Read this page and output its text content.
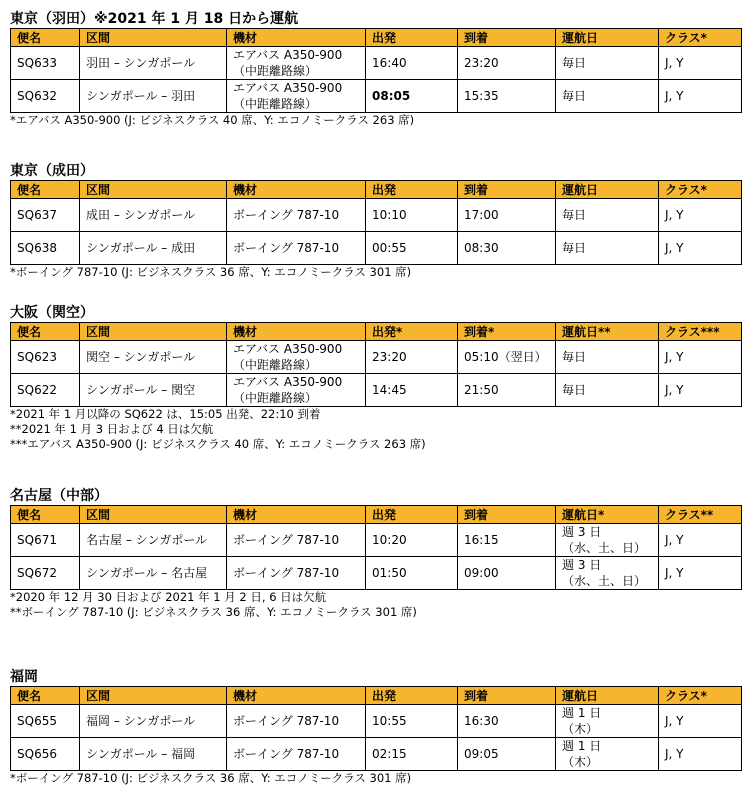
東京（羽田）※2021 年 1 月 18 日から運航
便名	区間	機材	出発	到着	運航日	クラス*
SQ633	羽田 – シンガポール	エアバス A350-900
（中距離路線）	16:40	23:20	毎日	J, Y
SQ632	シンガポール – 羽田	エアバス A350-900
（中距離路線）	08:05	15:35	毎日	J, Y
*エアバス A350-900 (J: ビジネスクラス 40 席、Y: エコノミークラス 263 席)
東京（成田）
便名	区間	機材	出発	到着	運航日	クラス*
SQ637	成田 – シンガポール	ボーイング 787-10	10:10	17:00	毎日	J, Y
SQ638	シンガポール – 成田	ボーイング 787-10	00:55	08:30	毎日	J, Y
*ボーイング 787-10 (J: ビジネスクラス 36 席、Y: エコノミークラス 301 席)
大阪（関空）
便名	区間	機材	出発*	到着*	運航日**	クラス***
SQ623	関空 – シンガポール	エアバス A350-900
（中距離路線）	23:20	05:10（翌日）	毎日	J, Y
SQ622	シンガポール – 関空	エアバス A350-900
（中距離路線）	14:45	21:50	毎日	J, Y
*2021 年 1 月以降の SQ622 は、15:05 出発、22:10 到着
**2021 年 1 月 3 日および 4 日は欠航
***エアバス A350-900 (J: ビジネスクラス 40 席、Y: エコノミークラス 263 席)
名古屋（中部）
便名	区間	機材	出発	到着	運航日*	クラス**
SQ671	名古屋 – シンガポール	ボーイング 787-10	10:20	16:15	週 3 日
（水、土、日）	J, Y
SQ672	シンガポール – 名古屋	ボーイング 787-10	01:50	09:00	週 3 日
（水、土、日）	J, Y
*2020 年 12 月 30 日および 2021 年 1 月 2 日, 6 日は欠航
**ボーイング 787-10 (J: ビジネスクラス 36 席、Y: エコノミークラス 301 席)
福岡
便名	区間	機材	出発	到着	運航日	クラス*
SQ655	福岡 – シンガポール	ボーイング 787-10	10:55	16:30	週 1 日
（木）	J, Y
SQ656	シンガポール – 福岡	ボーイング 787-10	02:15	09:05	週 1 日
（木）	J, Y
*ボーイング 787-10 (J: ビジネスクラス 36 席、Y: エコノミークラス 301 席)
